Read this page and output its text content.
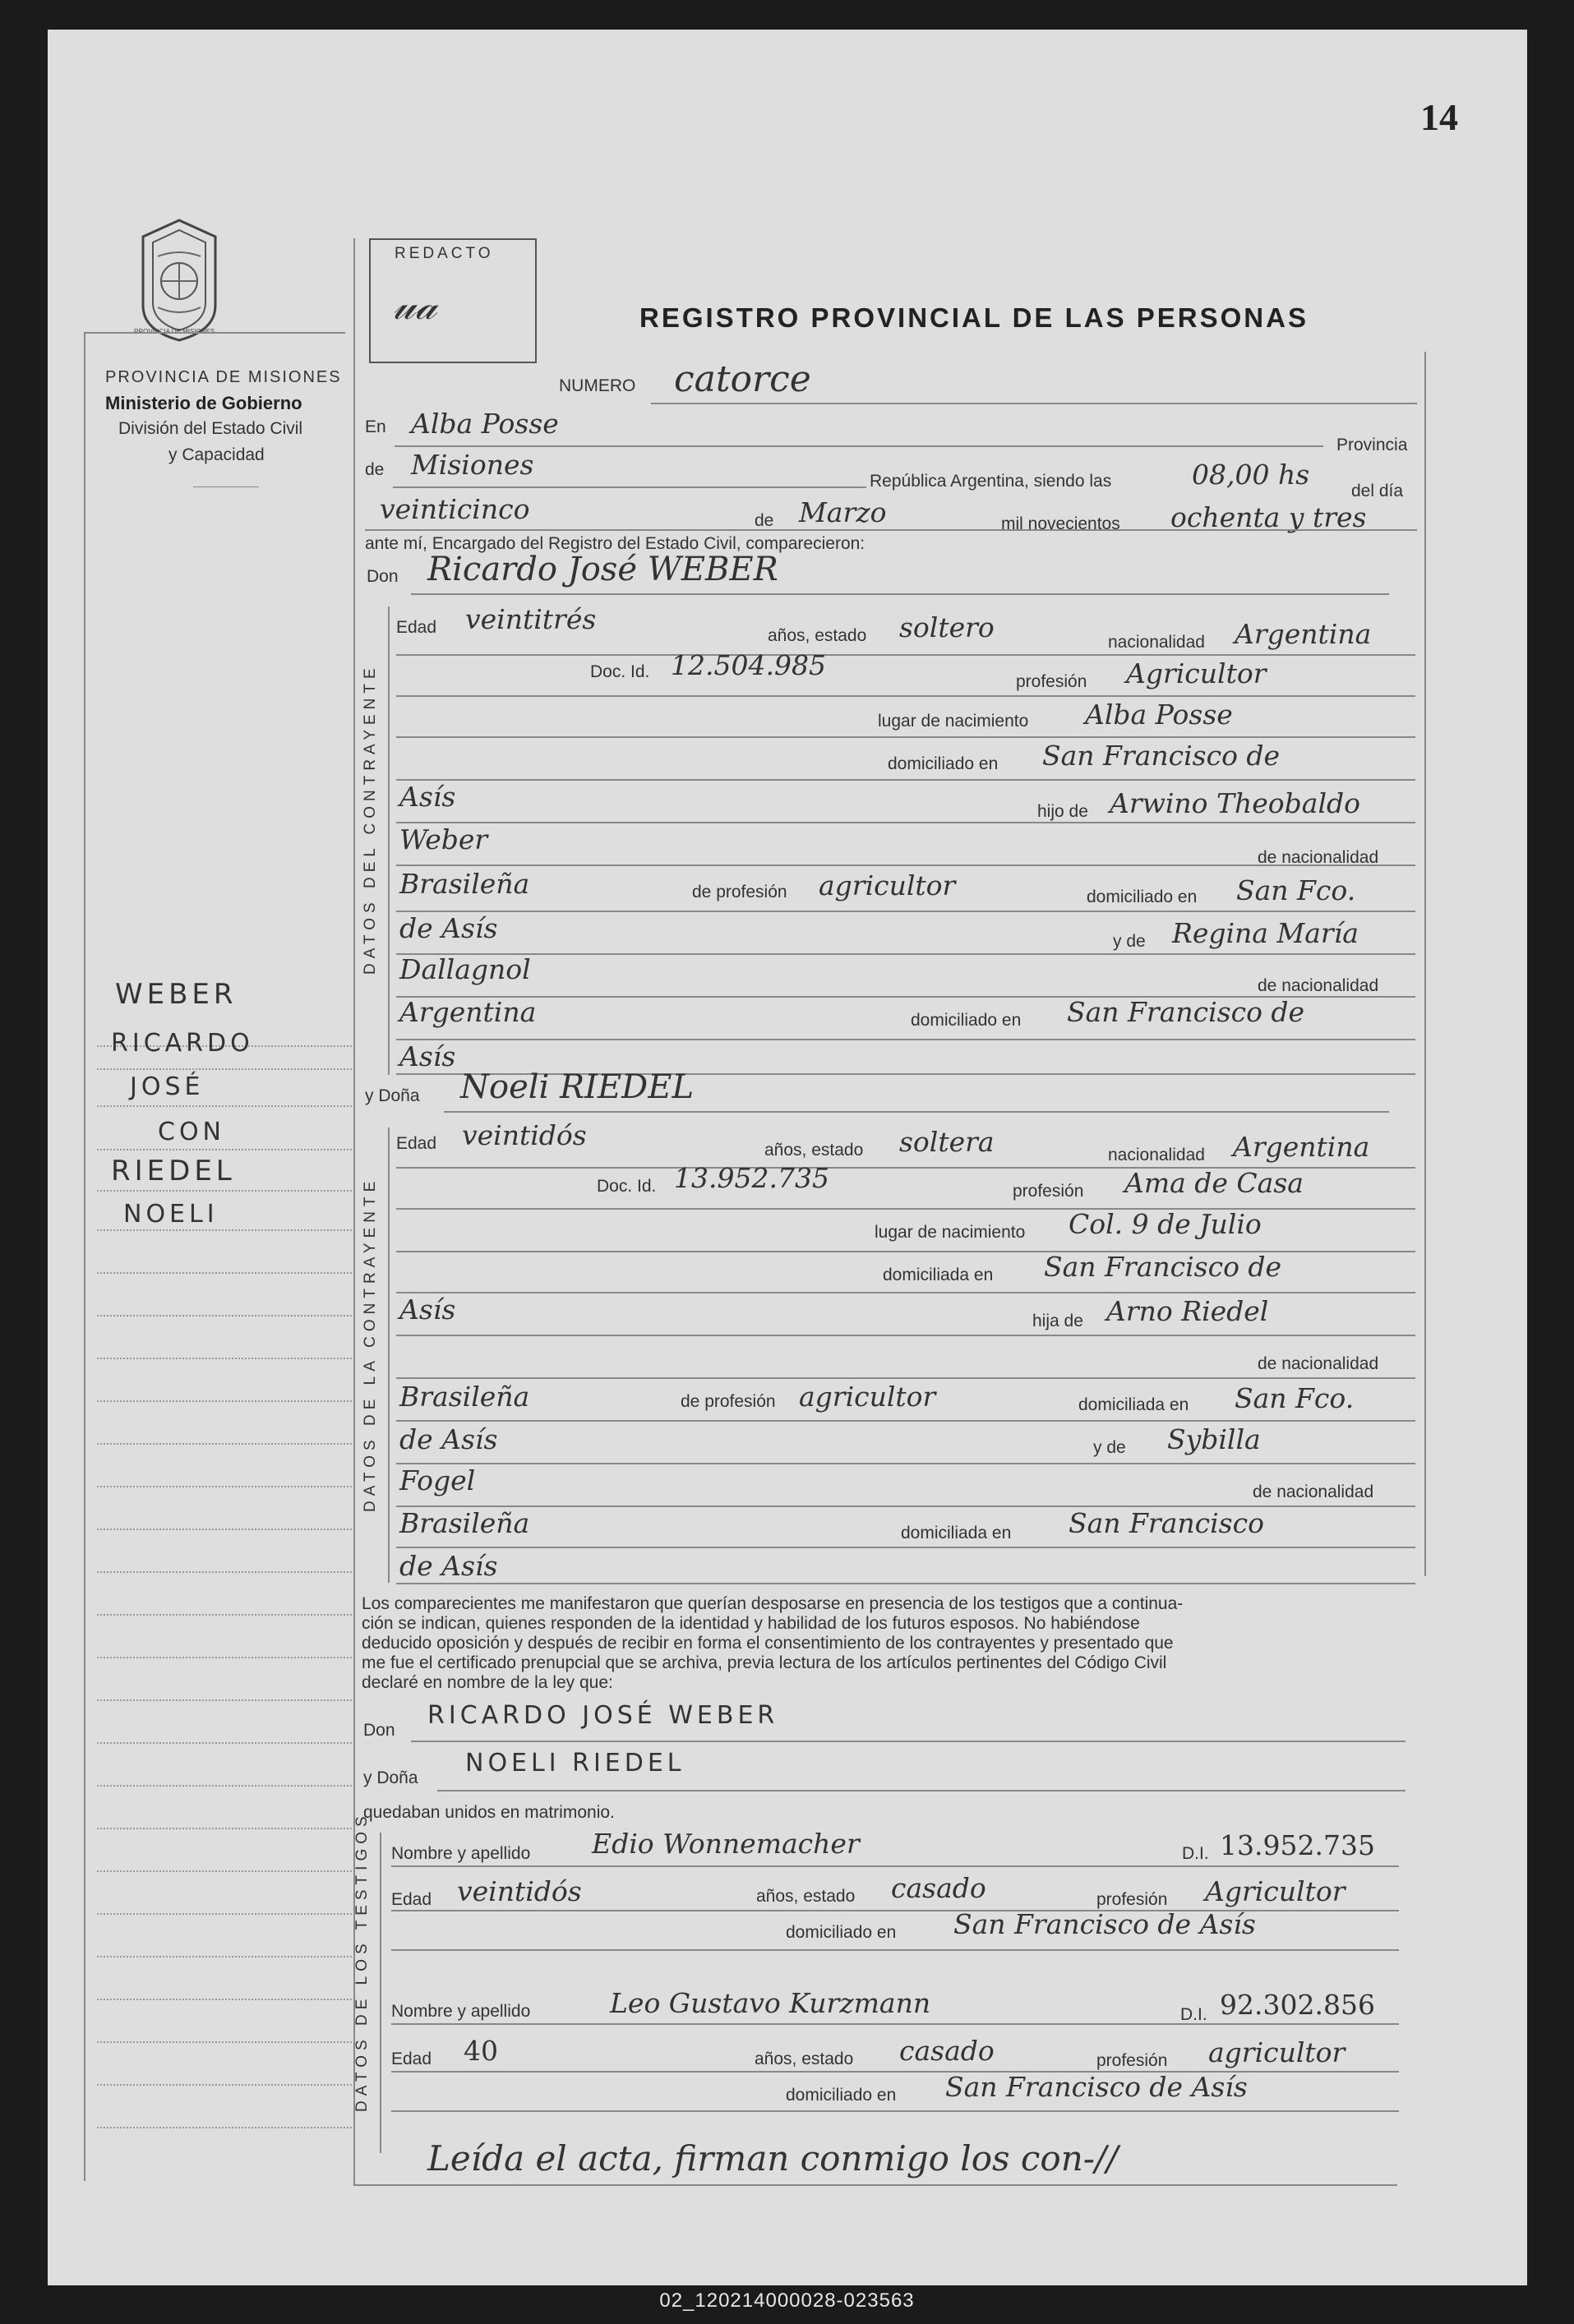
14
PROVINCIA DE MISIONES
PROVINCIA DE MISIONES
Ministerio de Gobierno
División del Estado Civil
y Capacidad
REDACTO
𝓊𝒶	REGISTRO PROVINCIAL DE LAS PERSONAS
WEBER
RICARDO
JOSÉ
CON
RIEDEL
NOELI
NUMERO catorce
En Alba Posse
Provincia
de Misiones
República Argentina, siendo las	08,00 hs
del día
veinticinco	de Marzo	mil novecientos ochenta y tres
ante mí, Encargado del Registro del Estado Civil, comparecieron:
Don Ricardo José WEBER
DATOS DEL CONTRAYENTE
Edad veintitrés
años, estado soltero	nacionalidad Argentina
Doc. Id. 12.504.985
profesión Agricultor
lugar de nacimiento Alba Posse
domiciliado en San Francisco de
Asís	hijo de Arwino Theobaldo
Weber
de nacionalidad
Brasileña	de profesión agricultor	domiciliado en San Fco.
de Asís	y de Regina María
Dallagnol
de nacionalidad
Argentina	domiciliado en San Francisco de
Asís
y Doña Noeli RIEDEL
DATOS DE LA CONTRAYENTE
Edad veintidós	años, estado soltera	nacionalidad Argentina
Doc. Id. 13.952.735	profesión Ama de Casa
lugar de nacimiento Col. 9 de Julio
domiciliada en San Francisco de
Asís	hija de Arno Riedel
de nacionalidad
Brasileña	de profesión agricultor	domiciliada en San Fco.
de Asís	y de Sybilla
Fogel	de nacionalidad
Brasileña	domiciliada en San Francisco
de Asís
Los comparecientes me manifestaron que querían desposarse en presencia de los testigos que a continua-
ción se indican, quienes responden de la identidad y habilidad de los futuros esposos. No habiéndose
deducido oposición y después de recibir en forma el consentimiento de los contrayentes y presentado que
me fue el certificado prenupcial que se archiva, previa lectura de los artículos pertinentes del Código Civil
declaré en nombre de la ley que:
Don
RICARDO JOSÉ WEBER
y Doña
NOELI RIEDEL
quedaban unidos en matrimonio.
DATOS DE LOS TESTIGOS Nombre y apellido Edio Wonnemacher	D.I. 13.952.735
Edad veintidós	años, estado casado	profesión Agricultor
domiciliado en San Francisco de Asís
Nombre y apellido	Leo Gustavo Kurzmann	D.I. 92.302.856
Edad 40	años, estado casado	profesión agricultor
domiciliado en San Francisco de Asís
Leída el acta, firman conmigo los con-//
02_120214000028-023563
